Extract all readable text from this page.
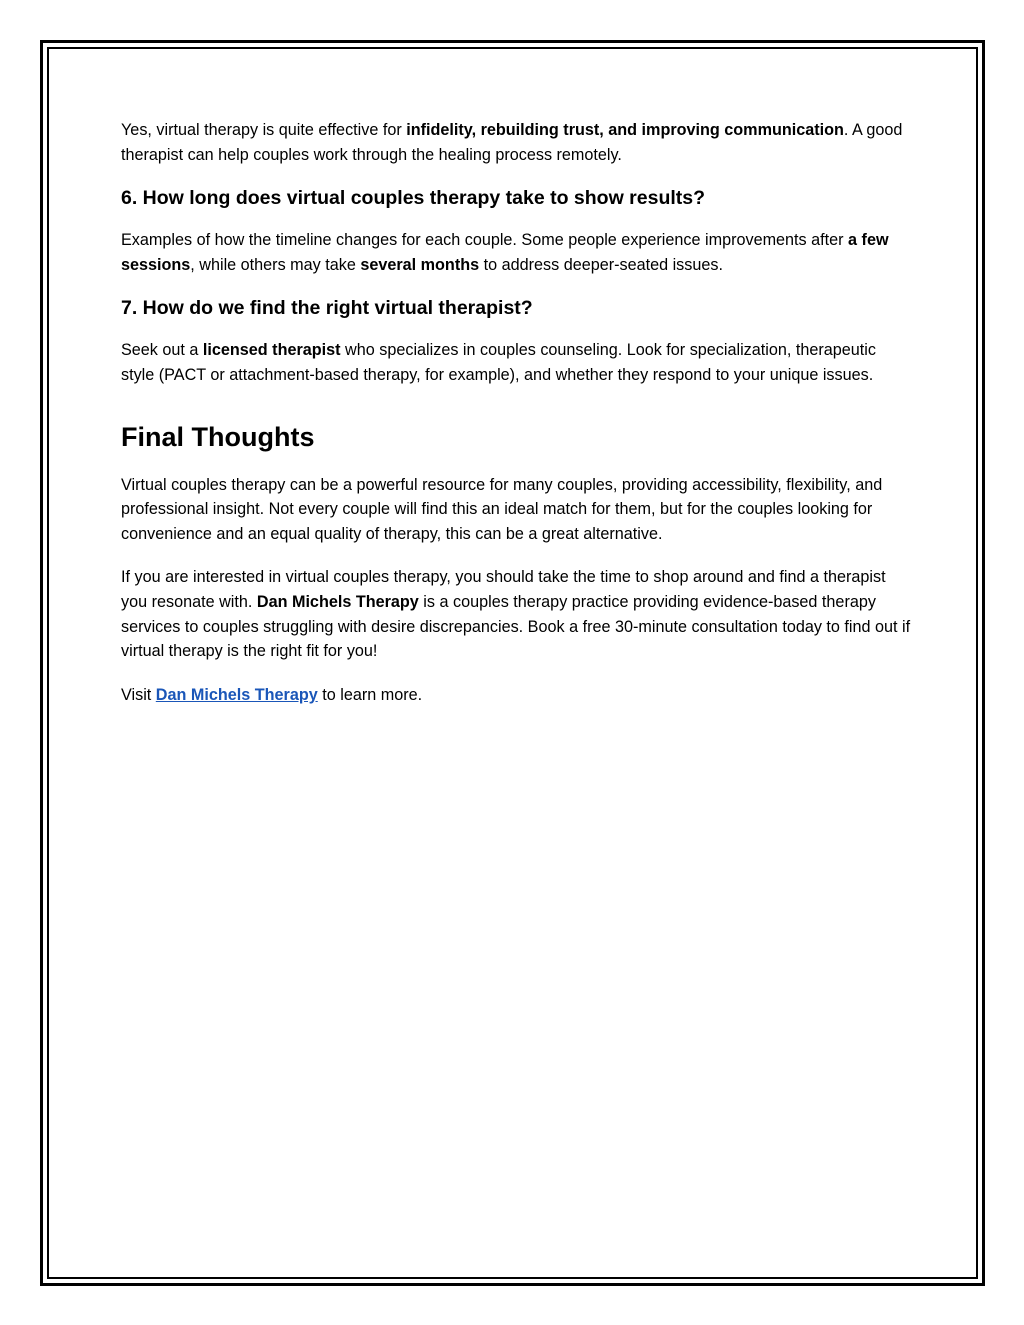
Yes, virtual therapy is quite effective for infidelity, rebuilding trust, and improving communication. A good therapist can help couples work through the healing process remotely.

6. How long does virtual couples therapy take to show results?

Examples of how the timeline changes for each couple. Some people experience improvements after a few sessions, while others may take several months to address deeper-seated issues.

7. How do we find the right virtual therapist?

Seek out a licensed therapist who specializes in couples counseling. Look for specialization, therapeutic style (PACT or attachment-based therapy, for example), and whether they respond to your unique issues.

Final Thoughts

Virtual couples therapy can be a powerful resource for many couples, providing accessibility, flexibility, and professional insight. Not every couple will find this an ideal match for them, but for the couples looking for convenience and an equal quality of therapy, this can be a great alternative.

If you are interested in virtual couples therapy, you should take the time to shop around and find a therapist you resonate with. Dan Michels Therapy is a couples therapy practice providing evidence-based therapy services to couples struggling with desire discrepancies. Book a free 30-minute consultation today to find out if virtual therapy is the right fit for you!

Visit Dan Michels Therapy to learn more.
